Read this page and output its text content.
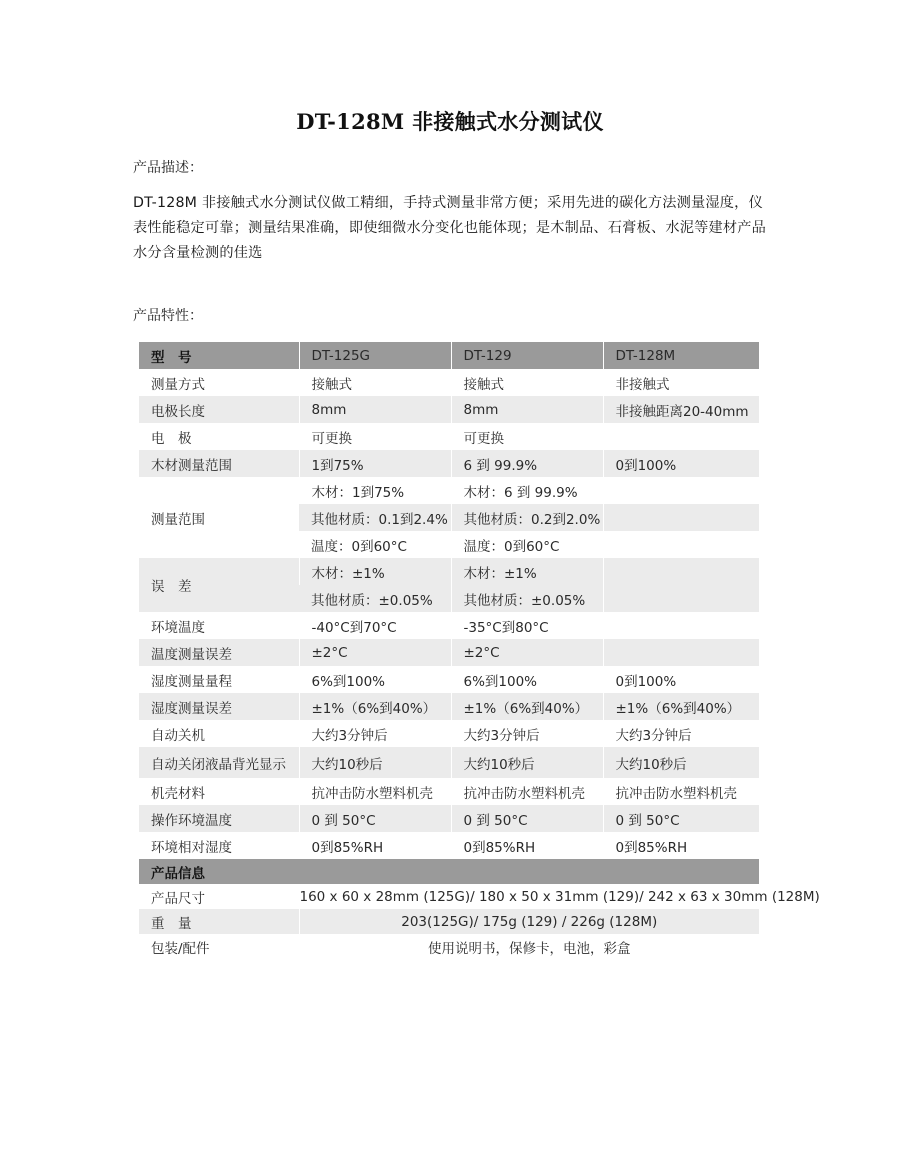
DT-128M 非接触式水分测试仪
产品描述：
DT-128M 非接触式水分测试仪做工精细，手持式测量非常方便；采用先进的碳化方法测量湿度，仪表性能稳定可靠；测量结果准确，即使细微水分变化也能体现；是木制品、石膏板、水泥等建材产品水分含量检测的佳选
产品特性：
型　号	DT-125G	DT-129	DT-128M
测量方式	接触式	接触式	非接触式
电极长度	8mm	8mm	非接触距离20-40mm
电　极	可更换	可更换	
木材测量范围	1到75%	6 到 99.9%	0到100%
测量范围	木材：1到75%	木材：6 到 99.9%	
	其他材质：0.1到2.4%	其他材质：0.2到2.0%	
	温度：0到60°C	温度：0到60°C	
误　差	木材：±1%	木材：±1%	
	其他材质：±0.05%	其他材质：±0.05%	
环境温度	-40°C到70°C	-35°C到80°C	
温度测量误差	±2°C	±2°C	
湿度测量量程	6%到100%	6%到100%	0到100%
湿度测量误差	±1%（6%到40%）	±1%（6%到40%）	±1%（6%到40%）
自动关机	大约3分钟后	大约3分钟后	大约3分钟后
自动关闭液晶背光显示	大约10秒后	大约10秒后	大约10秒后
机壳材料	抗冲击防水塑料机壳	抗冲击防水塑料机壳	抗冲击防水塑料机壳
操作环境温度	0 到 50°C	0 到 50°C	0 到 50°C
环境相对湿度	0到85%RH	0到85%RH	0到85%RH
产品信息			
产品尺寸	160 x 60 x 28mm (125G)/ 180 x 50 x 31mm (129)/ 242 x 63 x 30mm (128M)		
重　量	203(125G)/ 175g (129) / 226g (128M)		
包装/配件	使用说明书，保修卡，电池，彩盒		
